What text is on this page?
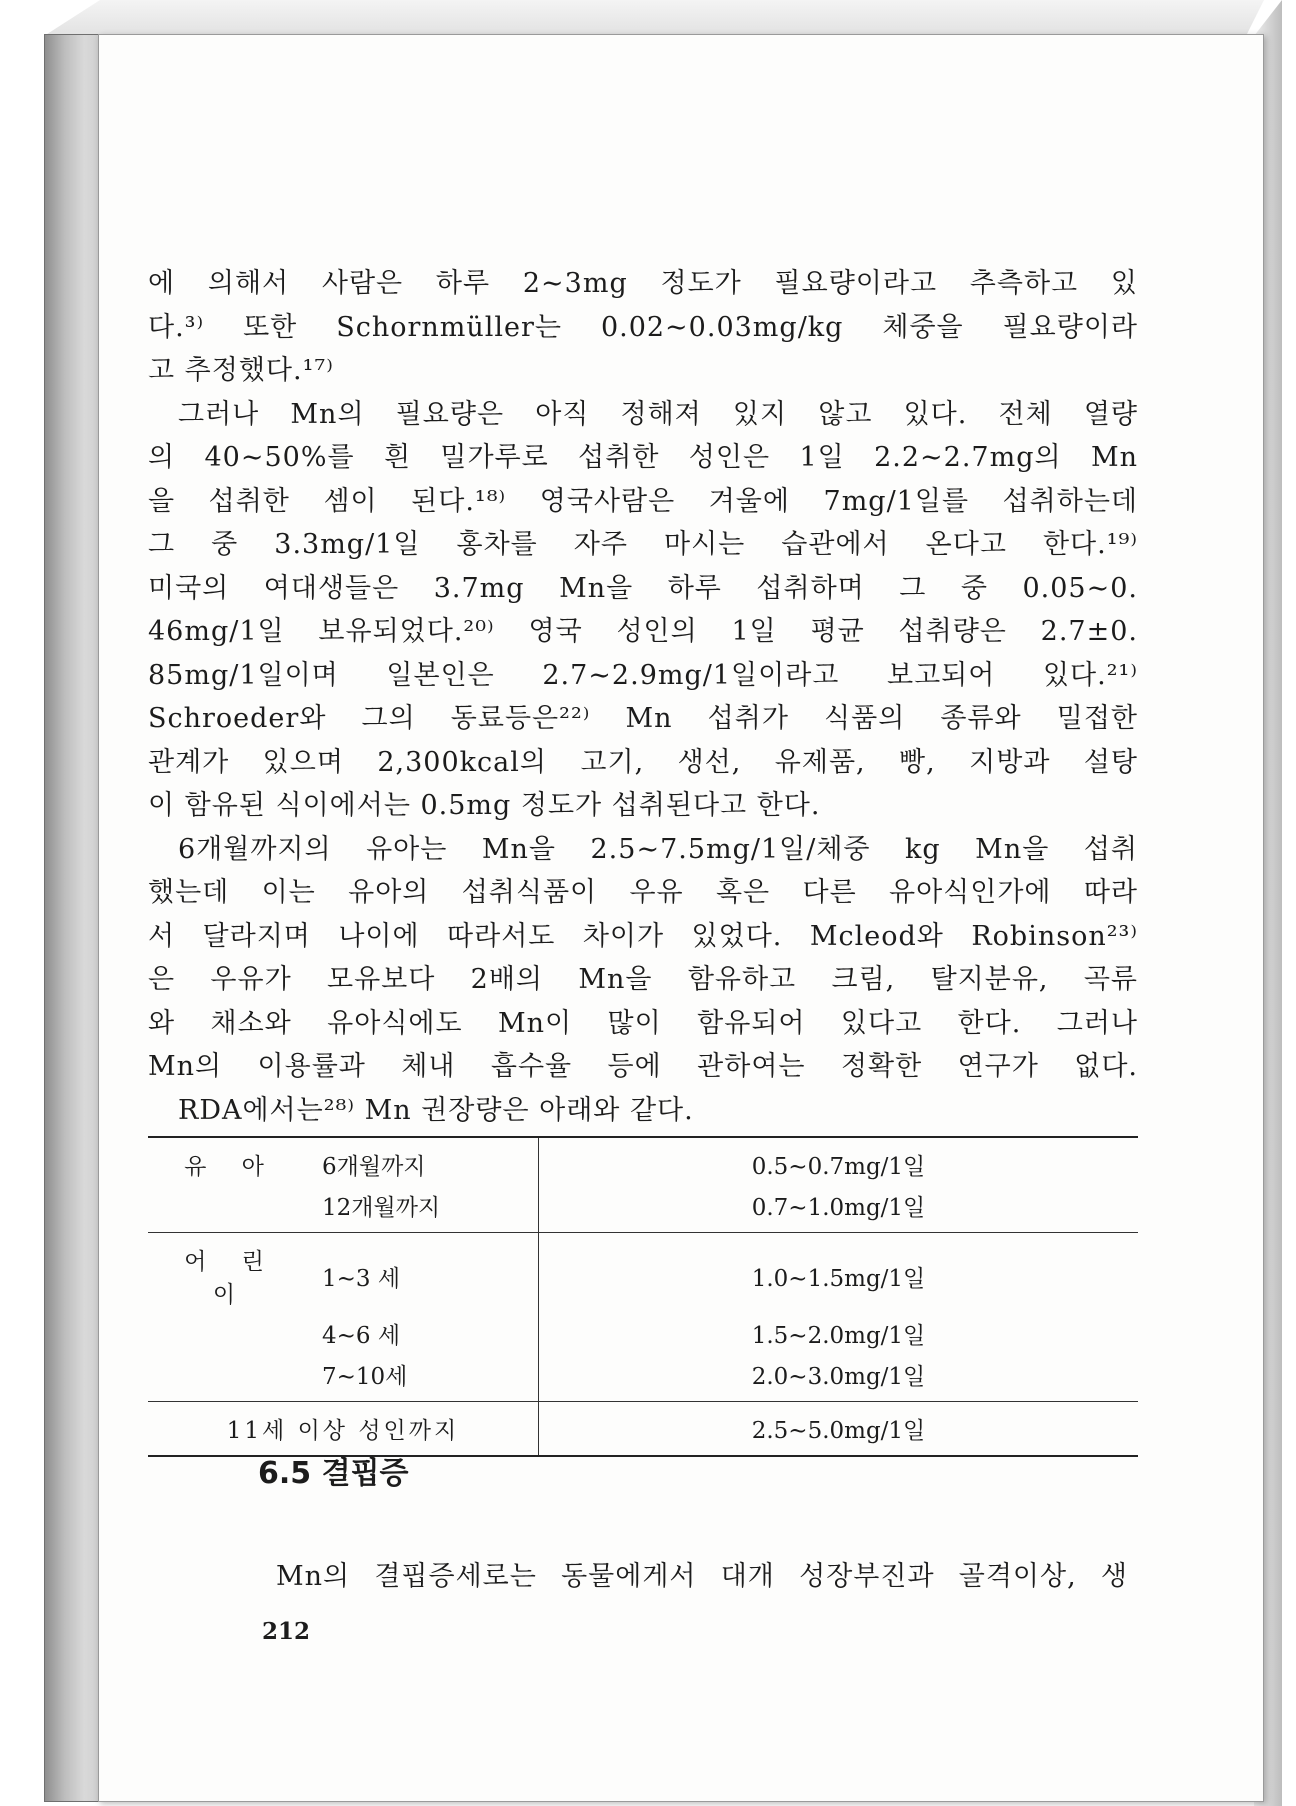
에 의해서 사람은 하루 2∼3mg 정도가 필요량이라고 추측하고 있
다.³⁾ 또한 Schornmüller는 0.02∼0.03mg/kg 체중을 필요량이라
고 추정했다.¹⁷⁾
그러나 Mn의 필요량은 아직 정해져 있지 않고 있다. 전체 열량
의 40∼50%를 흰 밀가루로 섭취한 성인은 1일 2.2∼2.7mg의 Mn
을 섭취한 셈이 된다.¹⁸⁾ 영국사람은 겨울에 7mg/1일를 섭취하는데
그 중 3.3mg/1일 홍차를 자주 마시는 습관에서 온다고 한다.¹⁹⁾
미국의 여대생들은 3.7mg Mn을 하루 섭취하며 그 중 0.05∼0.
46mg/1일 보유되었다.²⁰⁾ 영국 성인의 1일 평균 섭취량은 2.7±0.
85mg/1일이며 일본인은 2.7∼2.9mg/1일이라고 보고되어 있다.²¹⁾
Schroeder와 그의 동료등은²²⁾ Mn 섭취가 식품의 종류와 밀접한
관계가 있으며 2,300kcal의 고기, 생선, 유제품, 빵, 지방과 설탕
이 함유된 식이에서는 0.5mg 정도가 섭취된다고 한다.
6개월까지의 유아는 Mn을 2.5∼7.5mg/1일/체중 kg Mn을 섭취
했는데 이는 유아의 섭취식품이 우유 혹은 다른 유아식인가에 따라
서 달라지며 나이에 따라서도 차이가 있었다. Mcleod와 Robinson²³⁾
은 우유가 모유보다 2배의 Mn을 함유하고 크림, 탈지분유, 곡류
와 채소와 유아식에도 Mn이 많이 함유되어 있다고 한다. 그러나
Mn의 이용률과 체내 흡수율 등에 관하여는 정확한 연구가 없다.
RDA에서는²⁸⁾ Mn 권장량은 아래와 같다.
유 아	6개월까지	0.5∼0.7mg/1일
	12개월까지	0.7∼1.0mg/1일
어 린 이	1∼3 세	1.0∼1.5mg/1일
	4∼6 세	1.5∼2.0mg/1일
	7∼10세	2.0∼3.0mg/1일
11세 이상 성인까지		2.5∼5.0mg/1일
6.5 결핍증
Mn의 결핍증세로는 동물에게서 대개 성장부진과 골격이상, 생
212
